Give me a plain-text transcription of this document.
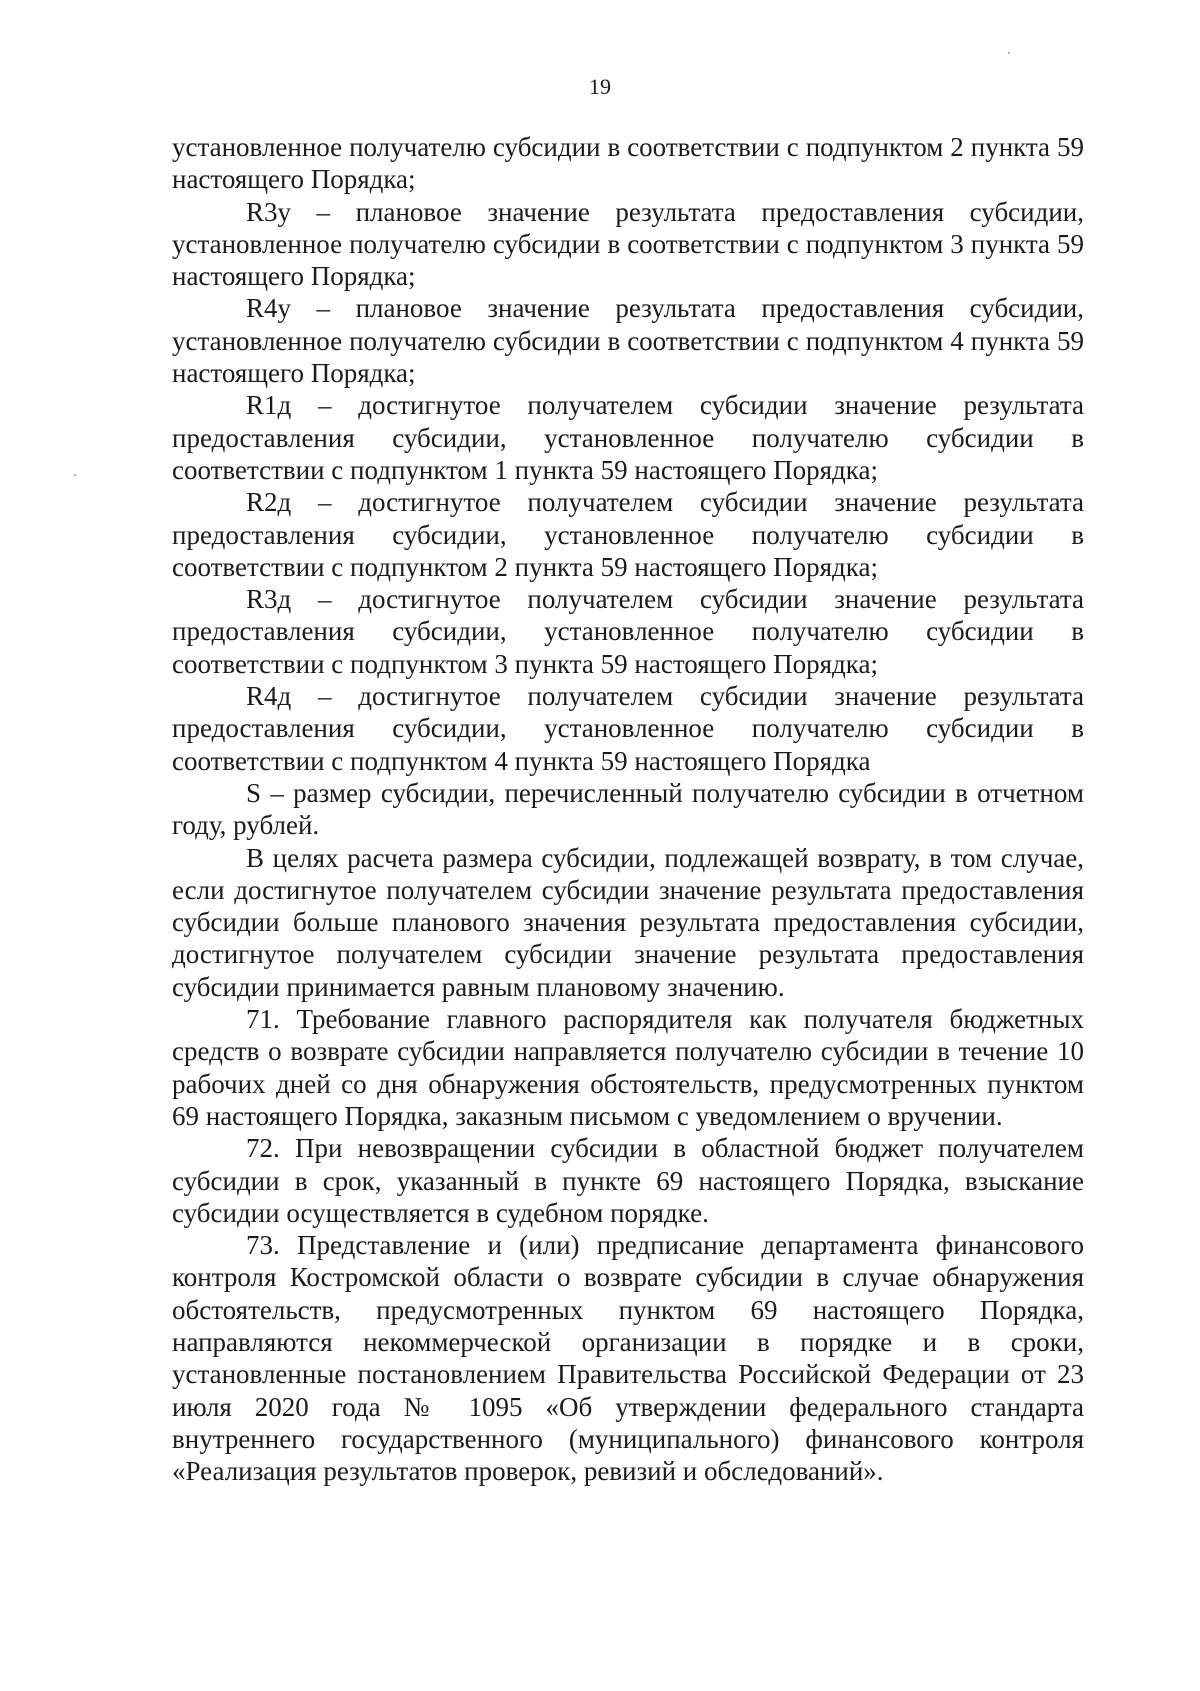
19

установленное получателю субсидии в соответствии с подпунктом 2 пункта 59 настоящего Порядка;

R3у – плановое значение результата предоставления субсидии, установленное получателю субсидии в соответствии с подпунктом 3 пункта 59 настоящего Порядка;

R4у – плановое значение результата предоставления субсидии, установленное получателю субсидии в соответствии с подпунктом 4 пункта 59 настоящего Порядка;

R1д – достигнутое получателем субсидии значение результата предоставления субсидии, установленное получателю субсидии в соответствии с подпунктом 1 пункта 59 настоящего Порядка;

R2д – достигнутое получателем субсидии значение результата предоставления субсидии, установленное получателю субсидии в соответствии с подпунктом 2 пункта 59 настоящего Порядка;

R3д – достигнутое получателем субсидии значение результата предоставления субсидии, установленное получателю субсидии в соответствии с подпунктом 3 пункта 59 настоящего Порядка;

R4д – достигнутое получателем субсидии значение результата предоставления субсидии, установленное получателю субсидии в соответствии с подпунктом 4 пункта 59 настоящего Порядка

S – размер субсидии, перечисленный получателю субсидии в отчетном году, рублей.

В целях расчета размера субсидии, подлежащей возврату, в том случае, если достигнутое получателем субсидии значение результата предоставления субсидии больше планового значения результата предоставления субсидии, достигнутое получателем субсидии значение результата предоставления субсидии принимается равным плановому значению.

71. Требование главного распорядителя как получателя бюджетных средств о возврате субсидии направляется получателю субсидии в течение 10 рабочих дней со дня обнаружения обстоятельств, предусмотренных пунктом 69 настоящего Порядка, заказным письмом с уведомлением о вручении.

72. При невозвращении субсидии в областной бюджет получателем субсидии в срок, указанный в пункте 69 настоящего Порядка, взыскание субсидии осуществляется в судебном порядке.

73. Представление и (или) предписание департамента финансового контроля Костромской области о возврате субсидии в случае обнаружения обстоятельств, предусмотренных пунктом 69 настоящего Порядка, направляются некоммерческой организации в порядке и в сроки, установленные постановлением Правительства Российской Федерации от 23 июля 2020 года № 1095 «Об утверждении федерального стандарта внутреннего государственного (муниципального) финансового контроля «Реализация результатов проверок, ревизий и обследований».
